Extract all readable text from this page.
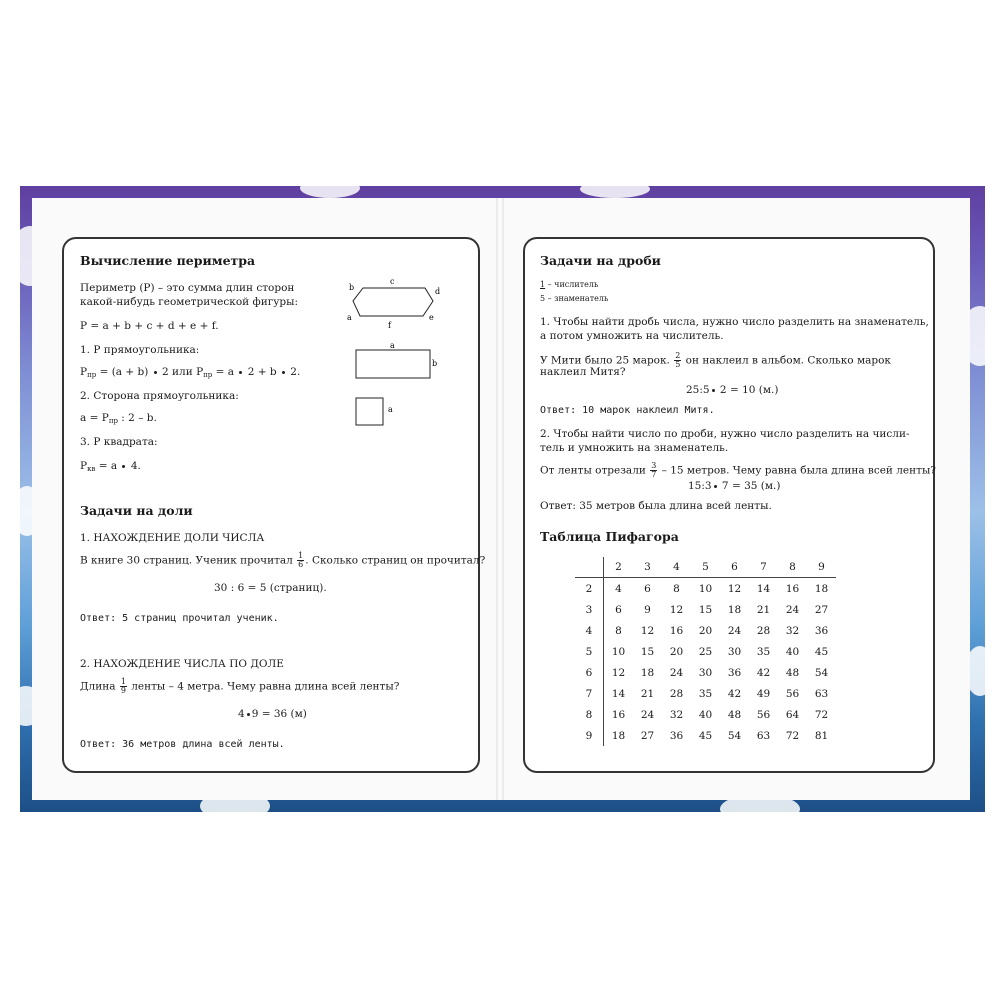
Вычисление периметра
Периметр (P) – это сумма длин сторон
какой-нибудь геометрической фигуры:
P = a + b + c + d + e + f.
1. P прямоугольника:
$P_{пр} = (a + b)$  2 или $P_{пр} = a$  2 + b  2.
2. Сторона прямоугольника:
$a = P_{пр}$ : 2 – b.
3. P квадрата:
$P_{кв} = a$  4.
b
c
d
a
f
e
a
b
a
Задачи на доли
1. НАХОЖДЕНИЕ ДОЛИ ЧИСЛА
В книге 30 страниц. Ученик прочитал $\frac{1}{6}$ . Сколько страниц он прочитал?
30 : 6 = 5 (страниц).
Ответ: 5 страниц прочитал ученик.
2. НАХОЖДЕНИЕ ЧИСЛА ПО ДОЛЕ
Длина $\frac{1}{9}$ ленты – 4 метра. Чему равна длина всей ленты?
4 9 = 36 (м)
Ответ: 36 метров длина всей ленты.
Задачи на дроби
1 – числитель
5 – знаменатель
1. Чтобы найти дробь числа, нужно число разделить на знаменатель,
а потом умножить на числитель.
У Мити было 25 марок. $\frac{2}{5}$ он наклеил в альбом. Сколько марок
наклеил Митя?
25:5 2 = 10 (м.)
Ответ: 10 марок наклеил Митя.
2. Чтобы найти число по дроби, нужно число разделить на числи-
тель и умножить на знаменатель.
От ленты отрезали $\frac{3}{7} - 15$ метров. Чему равна была длина всей ленты?
15:3 7 = 35 (м.)
Ответ: 35 метров была длина всей ленты.
Таблица Пифагора
	2	3	4	5	6	7	8	9
2	4	6	8	10	12	14	16	18
3	6	9	12	15	18	21	24	27
4	8	12	16	20	24	28	32	36
5	10	15	20	25	30	35	40	45
6	12	18	24	30	36	42	48	54
7	14	21	28	35	42	49	56	63
8	16	24	32	40	48	56	64	72
9	18	27	36	45	54	63	72	81
